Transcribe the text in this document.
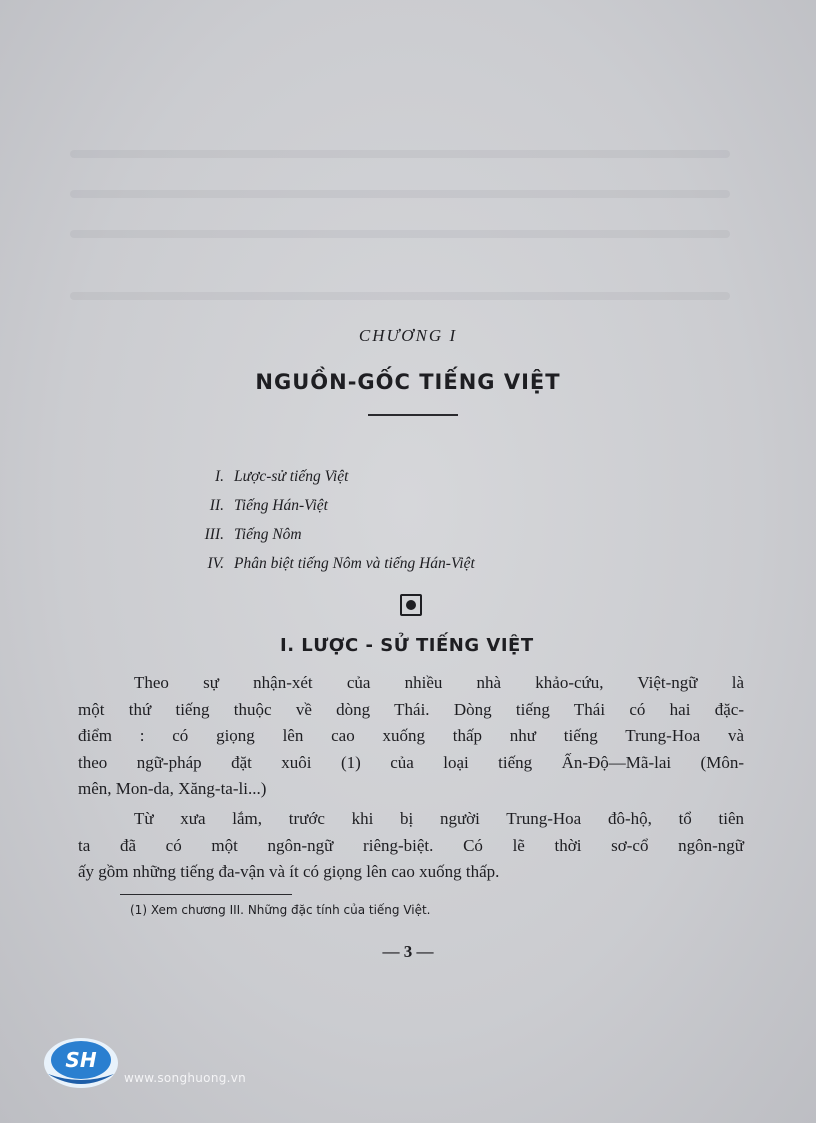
CHƯƠNG I
NGUỒN-GỐC TIẾNG VIỆT
I. Lược-sử tiếng Việt
II. Tiếng Hán-Việt
III. Tiếng Nôm
IV. Phân biệt tiếng Nôm và tiếng Hán-Việt
I. LƯỢC - SỬ TIẾNG VIỆT
Theo sự nhận-xét của nhiều nhà khảo-cứu, Việt-ngữ là
một thứ tiếng thuộc về dòng Thái. Dòng tiếng Thái có hai đặc-
điểm : có giọng lên cao xuống thấp như tiếng Trung-Hoa và
theo ngữ-pháp đặt xuôi (1) của loại tiếng Ấn-Độ—Mã-lai (Môn-
mên, Mon-da, Xăng-ta-li...)
Từ xưa lắm, trước khi bị người Trung-Hoa đô-hộ, tổ tiên
ta đã có một ngôn-ngữ riêng-biệt. Có lẽ thời sơ-cổ ngôn-ngữ
ấy gồm những tiếng đa-vận và ít có giọng lên cao xuống thấp.
(1) Xem chương III. Những đặc tính của tiếng Việt.
— 3 —
SH
www.songhuong.vn
